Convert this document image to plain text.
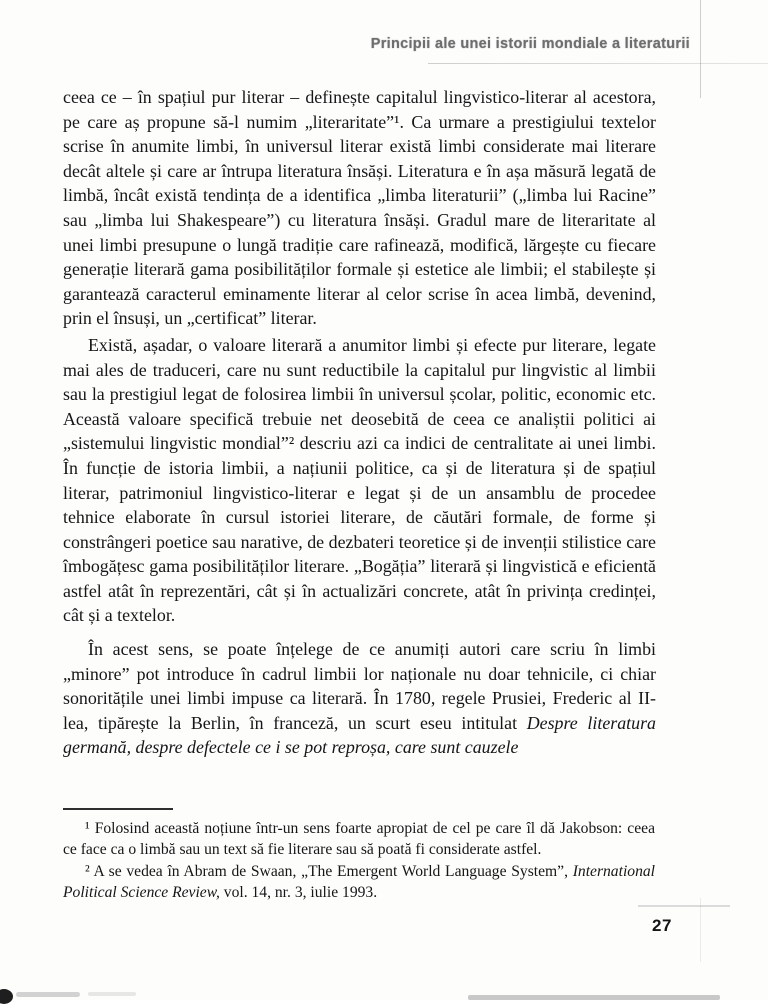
Principii ale unei istorii mondiale a literaturii

ceea ce – în spațiul pur literar – definește capitalul lingvistico-literar al acestora, pe care aș propune să-l numim „literaritate”¹. Ca urmare a prestigiului textelor scrise în anumite limbi, în universul literar există limbi considerate mai literare decât altele și care ar întrupa literatura însăși. Literatura e în așa măsură legată de limbă, încât există tendința de a identifica „limba literaturii” („limba lui Racine” sau „limba lui Shakespeare”) cu literatura însăși. Gradul mare de literaritate al unei limbi presupune o lungă tradiție care rafinează, modifică, lărgește cu fiecare generație literară gama posibilităților formale și estetice ale limbii; el stabilește și garantează caracterul eminamente literar al celor scrise în acea limbă, devenind, prin el însuși, un „certificat” literar.

Există, așadar, o valoare literară a anumitor limbi și efecte pur literare, legate mai ales de traduceri, care nu sunt reductibile la capitalul pur lingvistic al limbii sau la prestigiul legat de folosirea limbii în universul școlar, politic, economic etc. Această valoare specifică trebuie net deosebită de ceea ce analiștii politici ai „sistemului lingvistic mondial”² descriu azi ca indici de centralitate ai unei limbi. În funcție de istoria limbii, a națiunii politice, ca și de literatura și de spațiul literar, patrimoniul lingvistico-literar e legat și de un ansamblu de procedee tehnice elaborate în cursul istoriei literare, de căutări formale, de forme și constrângeri poetice sau narative, de dezbateri teoretice și de invenții stilistice care îmbogățesc gama posibilităților literare. „Bogăția” literară și lingvistică e eficientă astfel atât în reprezentări, cât și în actualizări concrete, atât în privința credinței, cât și a textelor.

În acest sens, se poate înțelege de ce anumiți autori care scriu în limbi „minore” pot introduce în cadrul limbii lor naționale nu doar tehnicile, ci chiar sonoritățile unei limbi impuse ca literară. În 1780, regele Prusiei, Frederic al II-lea, tipărește la Berlin, în franceză, un scurt eseu intitulat Despre literatura germană, despre defectele ce i se pot reproșa, care sunt cauzele

¹ Folosind această noțiune într-un sens foarte apropiat de cel pe care îl dă Jakobson: ceea ce face ca o limbă sau un text să fie literare sau să poată fi considerate astfel.

² A se vedea în Abram de Swaan, „The Emergent World Language System”, International Political Science Review, vol. 14, nr. 3, iulie 1993.

27
